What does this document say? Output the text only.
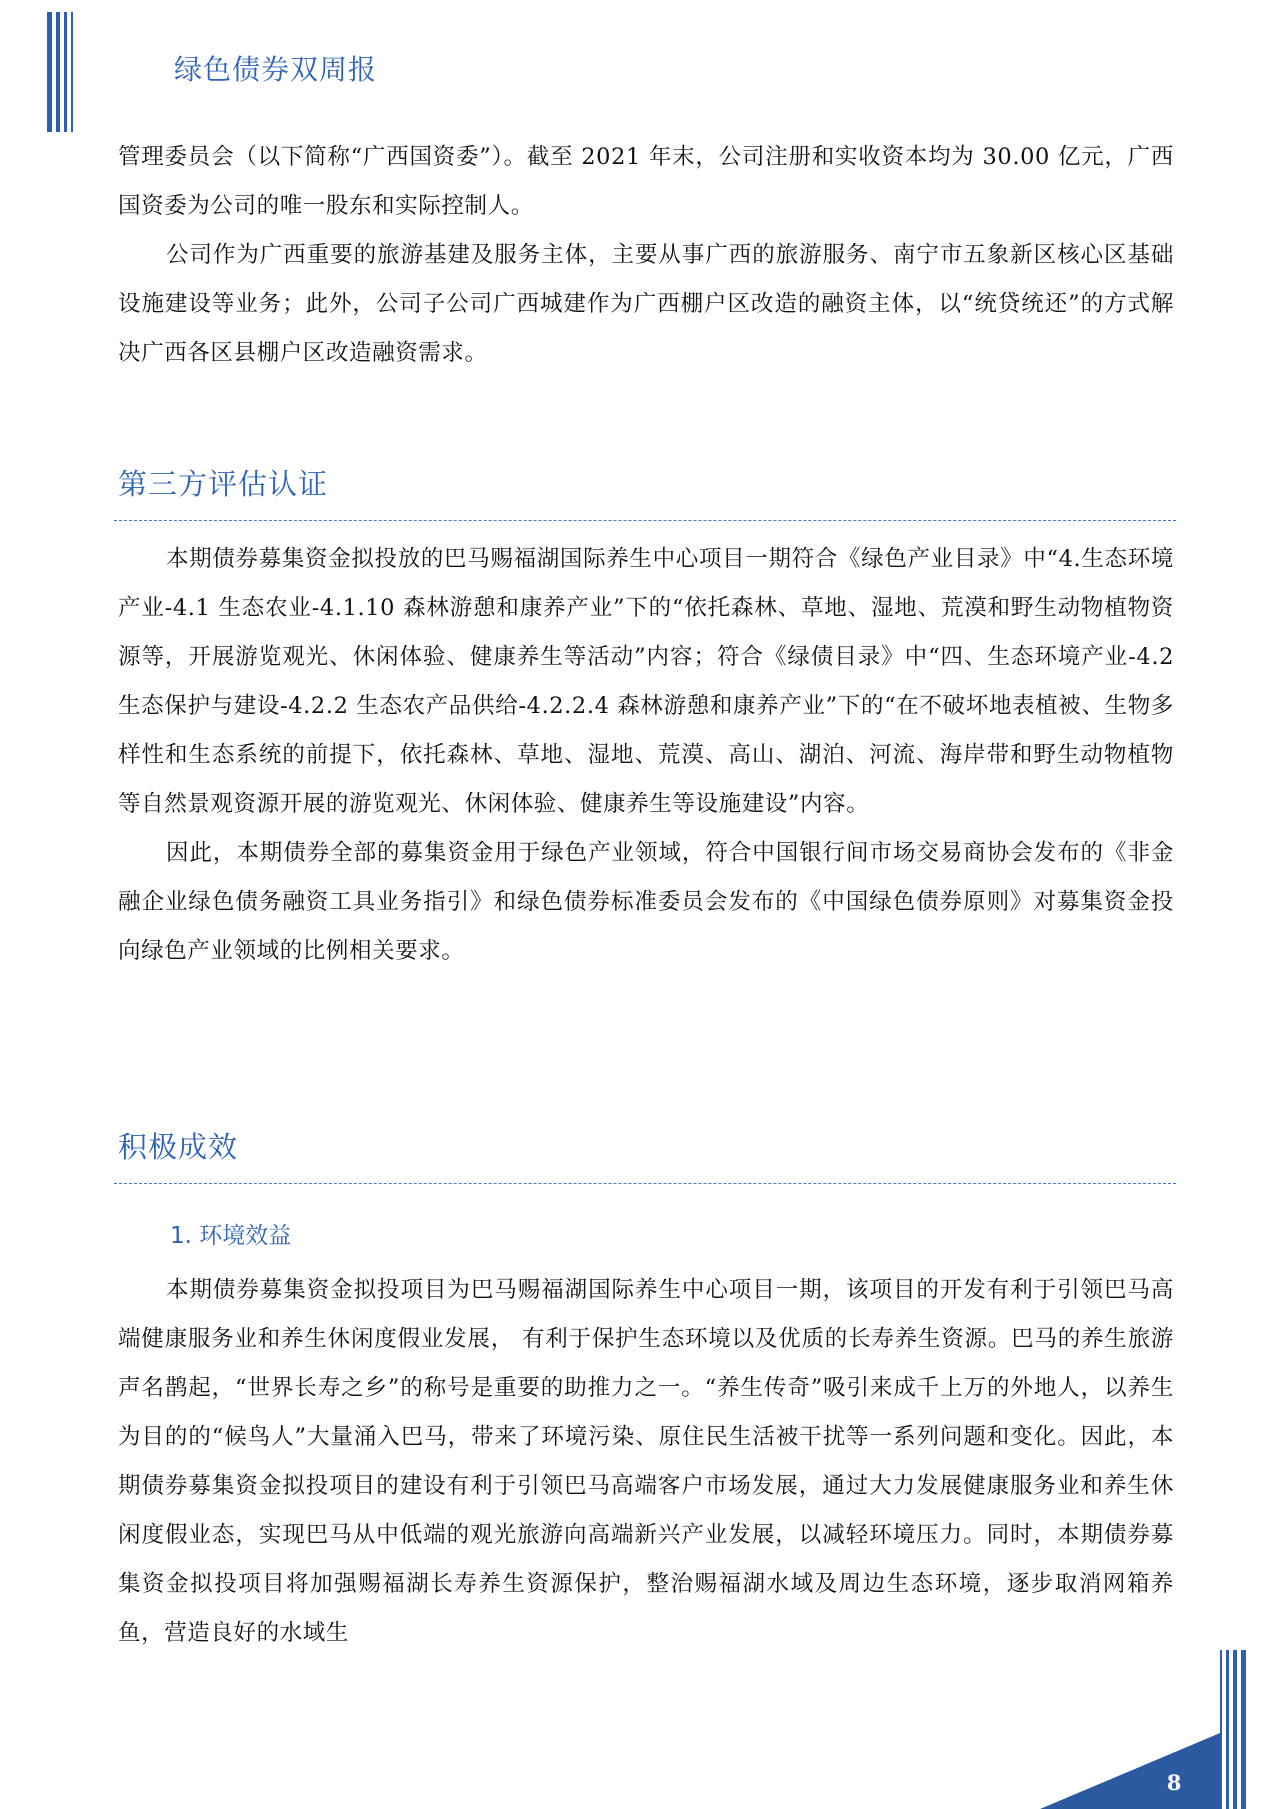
绿色债券双周报

管理委员会（以下简称“广西国资委”）。截至 2021 年末，公司注册和实收资本均为 30.00 亿元，广西国资委为公司的唯一股东和实际控制人。

公司作为广西重要的旅游基建及服务主体，主要从事广西的旅游服务、南宁市五象新区核心区基础设施建设等业务；此外，公司子公司广西城建作为广西棚户区改造的融资主体，以“统贷统还”的方式解决广西各区县棚户区改造融资需求。

第三方评估认证

本期债券募集资金拟投放的巴马赐福湖国际养生中心项目一期符合《绿色产业目录》中“4.生态环境产业-4.1 生态农业-4.1.10 森林游憩和康养产业”下的“依托森林、草地、湿地、荒漠和野生动物植物资源等，开展游览观光、休闲体验、健康养生等活动”内容；符合《绿债目录》中“四、生态环境产业-4.2 生态保护与建设-4.2.2 生态农产品供给-4.2.2.4 森林游憩和康养产业”下的“在不破坏地表植被、生物多样性和生态系统的前提下，依托森林、草地、湿地、荒漠、高山、湖泊、河流、海岸带和野生动物植物等自然景观资源开展的游览观光、休闲体验、健康养生等设施建设”内容。

因此，本期债券全部的募集资金用于绿色产业领域，符合中国银行间市场交易商协会发布的《非金融企业绿色债务融资工具业务指引》和绿色债券标准委员会发布的《中国绿色债券原则》对募集资金投向绿色产业领域的比例相关要求。

积极成效
1. 环境效益

本期债券募集资金拟投项目为巴马赐福湖国际养生中心项目一期，该项目的开发有利于引领巴马高端健康服务业和养生休闲度假业发展， 有利于保护生态环境以及优质的长寿养生资源。巴马的养生旅游声名鹊起，“世界长寿之乡”的称号是重要的助推力之一。“养生传奇”吸引来成千上万的外地人，以养生为目的的“候鸟人”大量涌入巴马，带来了环境污染、原住民生活被干扰等一系列问题和变化。因此，本期债券募集资金拟投项目的建设有利于引领巴马高端客户市场发展，通过大力发展健康服务业和养生休闲度假业态，实现巴马从中低端的观光旅游向高端新兴产业发展，以减轻环境压力。同时，本期债券募集资金拟投项目将加强赐福湖长寿养生资源保护，整治赐福湖水域及周边生态环境，逐步取消网箱养鱼，营造良好的水域生

8
